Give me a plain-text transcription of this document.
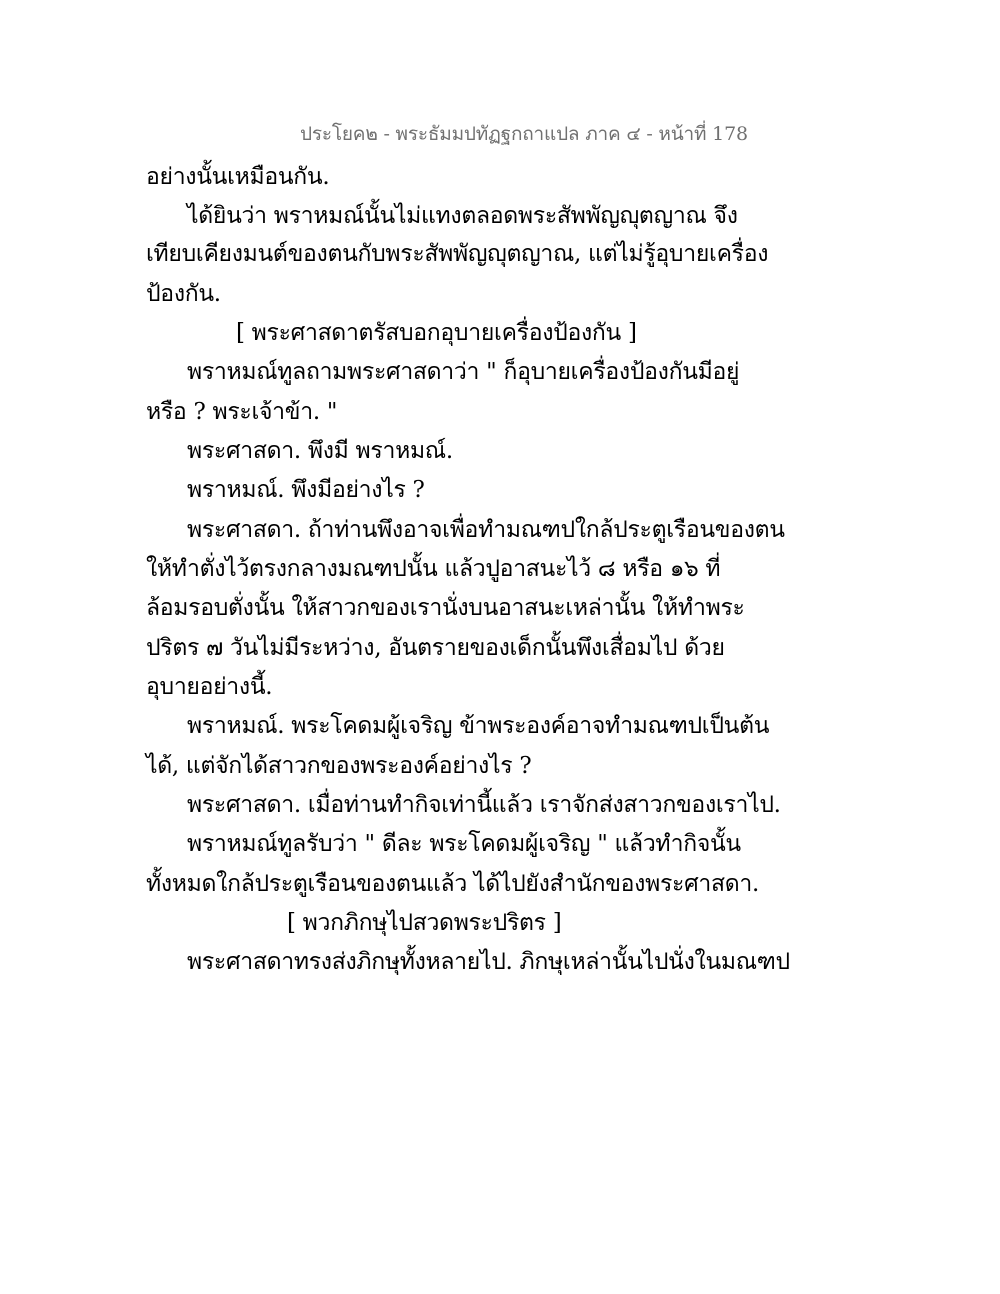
ประโยค๒ - พระธัมมปทัฏฐกถาแปล ภาค ๔ - หน้าที่ 178
อย่างนั้นเหมือนกัน.
ได้ยินว่า พราหมณ์นั้นไม่แทงตลอดพระสัพพัญญุตญาณ จึง
เทียบเคียงมนต์ของตนกับพระสัพพัญญุตญาณ, แต่ไม่รู้อุบายเครื่อง
ป้องกัน.
[ พระศาสดาตรัสบอกอุบายเครื่องป้องกัน ]
พราหมณ์ทูลถามพระศาสดาว่า " ก็อุบายเครื่องป้องกันมีอยู่
หรือ ? พระเจ้าข้า. "
พระศาสดา. พึงมี พราหมณ์.
พราหมณ์. พึงมีอย่างไร ?
พระศาสดา. ถ้าท่านพึงอาจเพื่อทำมณฑปใกล้ประตูเรือนของตน
ให้ทำตั่งไว้ตรงกลางมณฑปนั้น แล้วปูอาสนะไว้ ๘ หรือ ๑๖ ที่
ล้อมรอบตั่งนั้น ให้สาวกของเรานั่งบนอาสนะเหล่านั้น ให้ทำพระ
ปริตร ๗ วันไม่มีระหว่าง, อันตรายของเด็กนั้นพึงเสื่อมไป ด้วย
อุบายอย่างนี้.
พราหมณ์. พระโคดมผู้เจริญ ข้าพระองค์อาจทำมณฑปเป็นต้น
ได้, แต่จักได้สาวกของพระองค์อย่างไร ?
พระศาสดา. เมื่อท่านทำกิจเท่านี้แล้ว เราจักส่งสาวกของเราไป.
พราหมณ์ทูลรับว่า " ดีละ พระโคดมผู้เจริญ " แล้วทำกิจนั้น
ทั้งหมดใกล้ประตูเรือนของตนแล้ว ได้ไปยังสำนักของพระศาสดา.
[ พวกภิกษุไปสวดพระปริตร ]
พระศาสดาทรงส่งภิกษุทั้งหลายไป. ภิกษุเหล่านั้นไปนั่งในมณฑป
